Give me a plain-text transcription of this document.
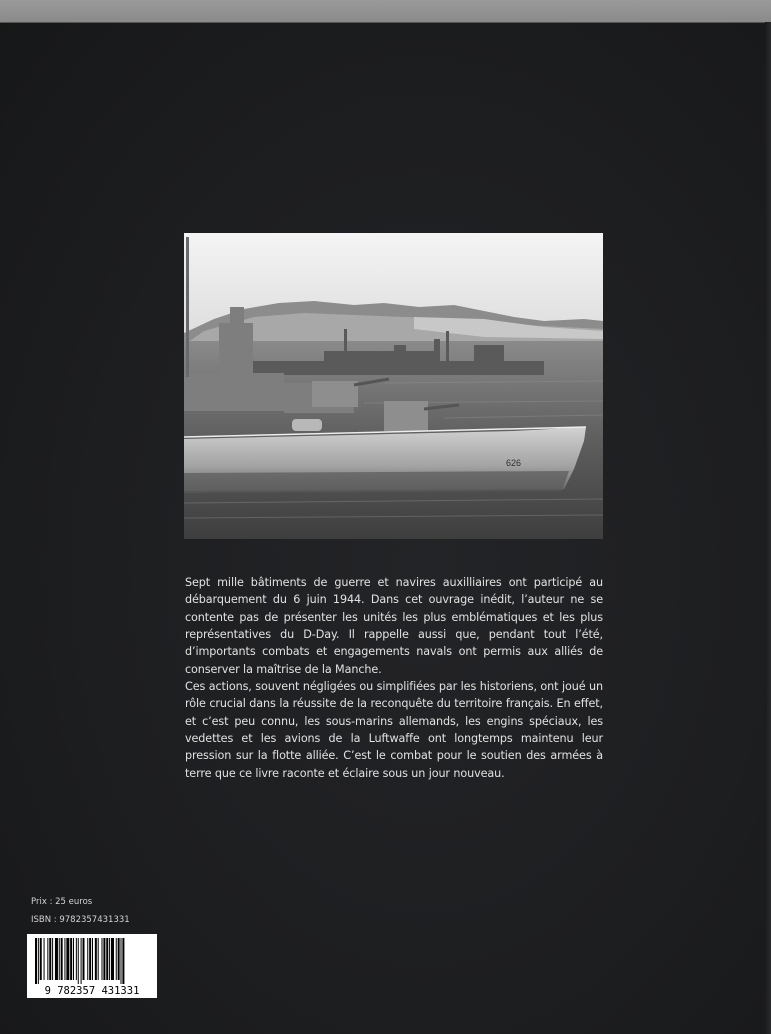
626

Sept mille bâtiments de guerre et navires auxilliaires ont participé au débarquement du 6 juin 1944. Dans cet ouvrage inédit, l’auteur ne se contente pas de présenter les unités les plus emblématiques et les plus représentatives du D-Day. Il rappelle aussi que, pendant tout l’été, d’importants combats et engagements navals ont permis aux alliés de conserver la maîtrise de la Manche.

Ces actions, souvent négligées ou simplifiées par les historiens, ont joué un rôle crucial dans la réussite de la reconquête du territoire français. En effet, et c’est peu connu, les sous-marins allemands, les engins spéciaux, les vedettes et les avions de la Luftwaffe ont longtemps maintenu leur pression sur la flotte alliée. C’est le combat pour le soutien des armées à terre que ce livre raconte et éclaire sous un jour nouveau.

Prix : 25 euros
ISBN : 9782357431331
9 782357 431331
